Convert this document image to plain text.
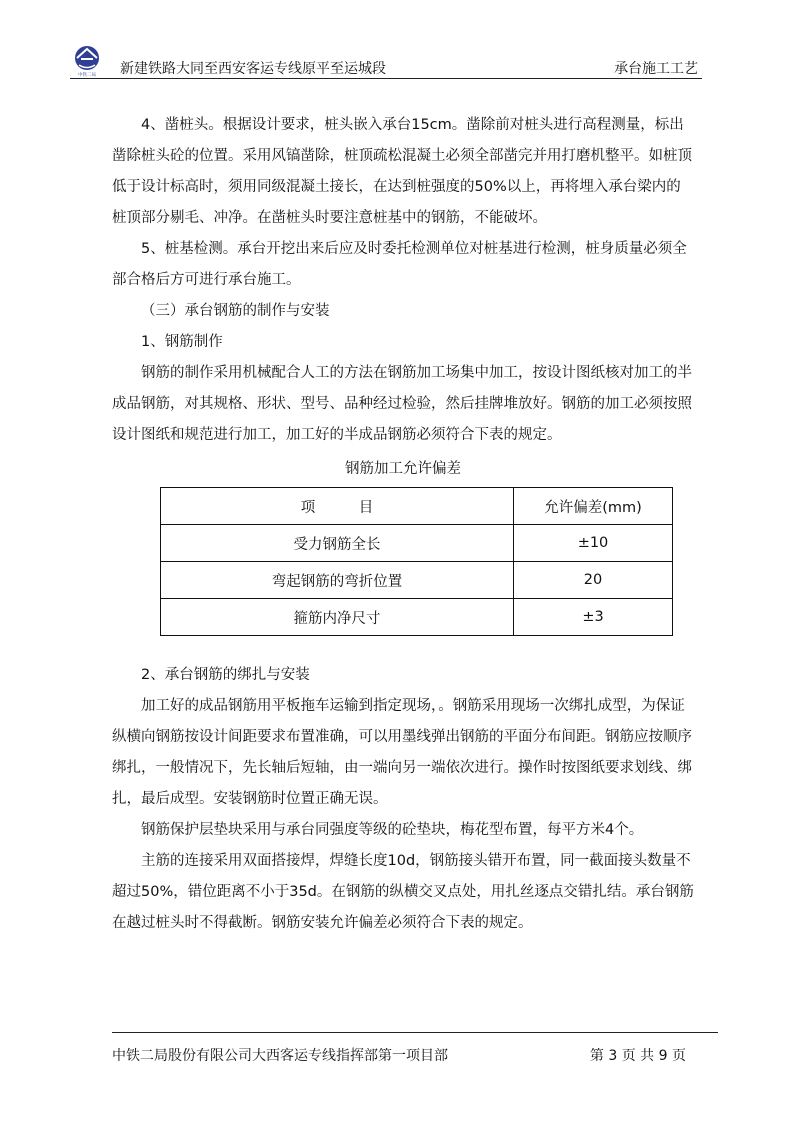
中铁二局 新建铁路大同至西安客运专线原平至运城段	承台施工工艺

4、凿桩头。根据设计要求，桩头嵌入承台15cm。凿除前对桩头进行高程测量，标出凿除桩头砼的位置。采用风镐凿除，桩顶疏松混凝土必须全部凿完并用打磨机整平。如桩顶低于设计标高时，须用同级混凝土接长，在达到桩强度的50%以上，再将埋入承台梁内的桩顶部分剔毛、冲净。在凿桩头时要注意桩基中的钢筋，不能破坏。

5、桩基检测。承台开挖出来后应及时委托检测单位对桩基进行检测，桩身质量必须全部合格后方可进行承台施工。

（三）承台钢筋的制作与安装

1、钢筋制作

钢筋的制作采用机械配合人工的方法在钢筋加工场集中加工，按设计图纸核对加工的半成品钢筋，对其规格、形状、型号、品种经过检验，然后挂牌堆放好。钢筋的加工必须按照设计图纸和规范进行加工，加工好的半成品钢筋必须符合下表的规定。

钢筋加工允许偏差
项　　　目	允许偏差(mm)
受力钢筋全长	±10
弯起钢筋的弯折位置	20
箍筋内净尺寸	±3

2、承台钢筋的绑扎与安装

加工好的成品钢筋用平板拖车运输到指定现场，。钢筋采用现场一次绑扎成型，为保证纵横向钢筋按设计间距要求布置准确，可以用墨线弹出钢筋的平面分布间距。钢筋应按顺序绑扎，一般情况下，先长轴后短轴，由一端向另一端依次进行。操作时按图纸要求划线、绑扎，最后成型。安装钢筋时位置正确无误。

钢筋保护层垫块采用与承台同强度等级的砼垫块，梅花型布置，每平方米4个。

主筋的连接采用双面搭接焊，焊缝长度10d，钢筋接头错开布置，同一截面接头数量不超过50%，错位距离不小于35d。在钢筋的纵横交叉点处，用扎丝逐点交错扎结。承台钢筋在越过桩头时不得截断。钢筋安装允许偏差必须符合下表的规定。

中铁二局股份有限公司大西客运专线指挥部第一项目部	第 3 页 共 9 页
